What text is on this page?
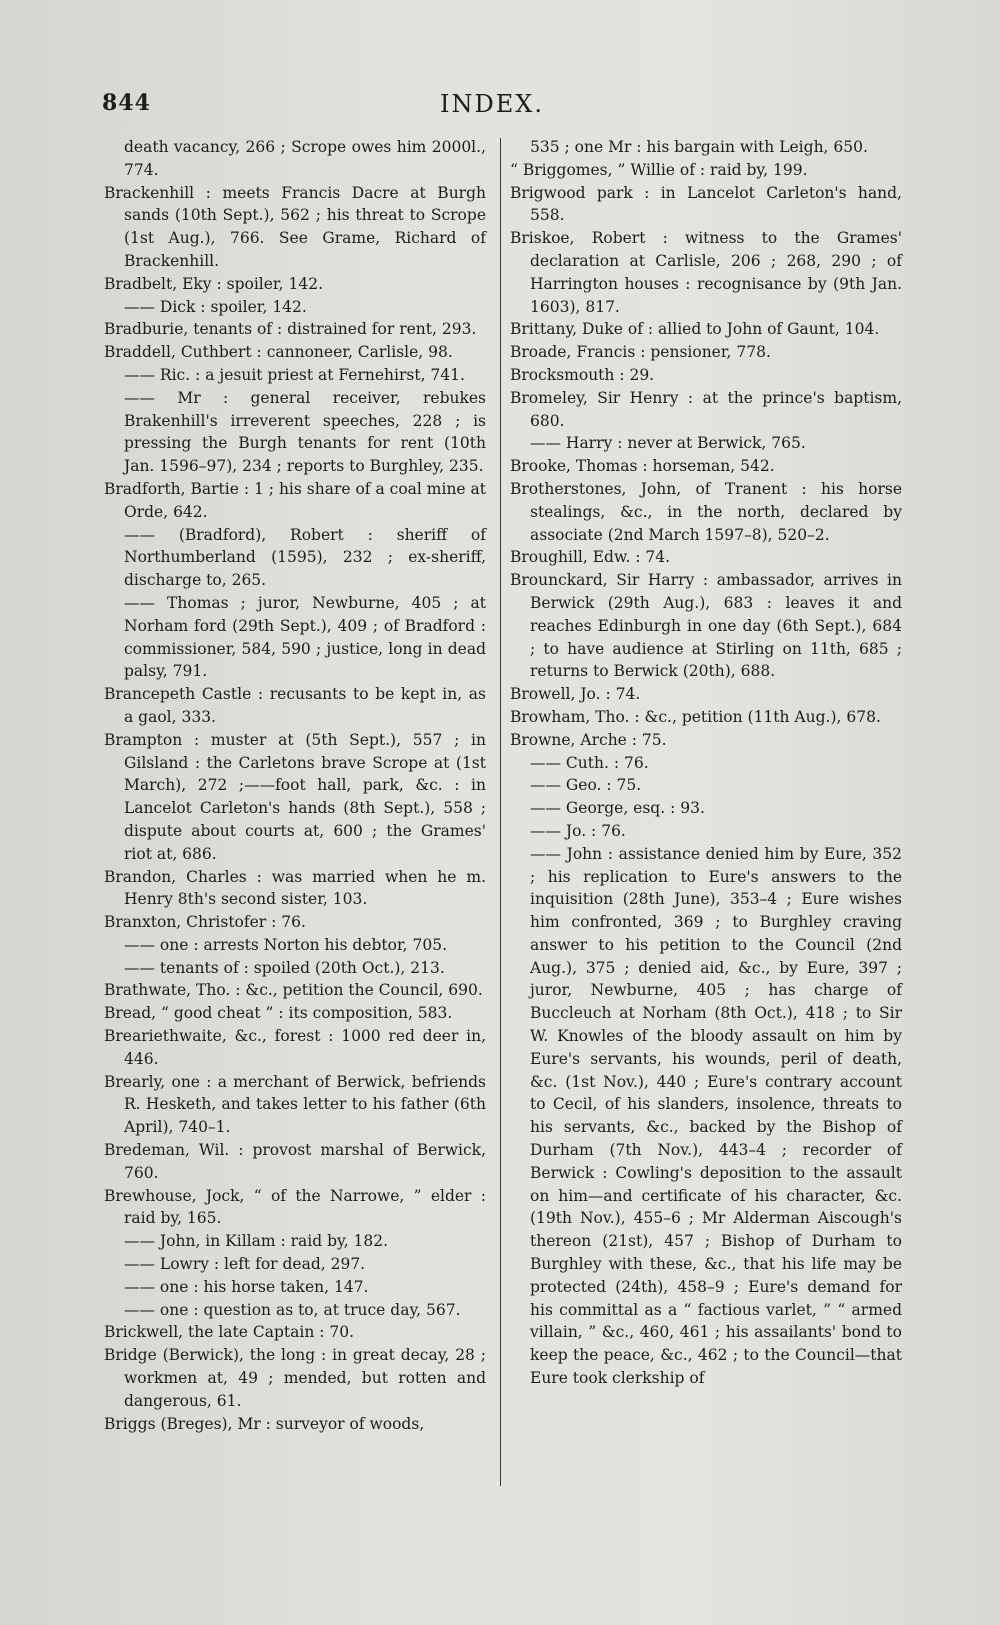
844	INDEX.

death vacancy, 266 ; Scrope owes him 2000l., 774.

Brackenhill : meets Francis Dacre at Burgh sands (10th Sept.), 562 ; his threat to Scrope (1st Aug.), 766. See Grame, Richard of Brackenhill.

Bradbelt, Eky : spoiler, 142.

—— Dick : spoiler, 142.

Bradburie, tenants of : distrained for rent, 293.

Braddell, Cuthbert : cannoneer, Carlisle, 98.

—— Ric. : a jesuit priest at Fernehirst, 741.

—— Mr : general receiver, rebukes Brakenhill's irreverent speeches, 228 ; is pressing the Burgh tenants for rent (10th Jan. 1596–97), 234 ; reports to Burghley, 235.

Bradforth, Bartie : 1 ; his share of a coal mine at Orde, 642.

—— (Bradford), Robert : sheriff of Northumberland (1595), 232 ; ex-sheriff, discharge to, 265.

—— Thomas ; juror, Newburne, 405 ; at Norham ford (29th Sept.), 409 ; of Bradford : commissioner, 584, 590 ; justice, long in dead palsy, 791.

Brancepeth Castle : recusants to be kept in, as a gaol, 333.

Brampton : muster at (5th Sept.), 557 ; in Gilsland : the Carletons brave Scrope at (1st March), 272 ;——foot hall, park, &c. : in Lancelot Carleton's hands (8th Sept.), 558 ; dispute about courts at, 600 ; the Grames' riot at, 686.

Brandon, Charles : was married when he m. Henry 8th's second sister, 103.

Branxton, Christofer : 76.

—— one : arrests Norton his debtor, 705.

—— tenants of : spoiled (20th Oct.), 213.

Brathwate, Tho. : &c., petition the Council, 690.

Bread, “ good cheat ” : its composition, 583.

Breariethwaite, &c., forest : 1000 red deer in, 446.

Brearly, one : a merchant of Berwick, befriends R. Hesketh, and takes letter to his father (6th April), 740–1.

Bredeman, Wil. : provost marshal of Berwick, 760.

Brewhouse, Jock, “ of the Narrowe, ” elder : raid by, 165.

—— John, in Killam : raid by, 182.

—— Lowry : left for dead, 297.

—— one : his horse taken, 147.

—— one : question as to, at truce day, 567.

Brickwell, the late Captain : 70.

Bridge (Berwick), the long : in great decay, 28 ; workmen at, 49 ; mended, but rotten and dangerous, 61.

Briggs (Breges), Mr : surveyor of woods,

535 ; one Mr : his bargain with Leigh, 650.

“ Briggomes, ” Willie of : raid by, 199.

Brigwood park : in Lancelot Carleton's hand, 558.

Briskoe, Robert : witness to the Grames' declaration at Carlisle, 206 ; 268, 290 ; of Harrington houses : recognisance by (9th Jan. 1603), 817.

Brittany, Duke of : allied to John of Gaunt, 104.

Broade, Francis : pensioner, 778.

Brocksmouth : 29.

Bromeley, Sir Henry : at the prince's baptism, 680.

—— Harry : never at Berwick, 765.

Brooke, Thomas : horseman, 542.

Brotherstones, John, of Tranent : his horse stealings, &c., in the north, declared by associate (2nd March 1597–8), 520–2.

Broughill, Edw. : 74.

Brounckard, Sir Harry : ambassador, arrives in Berwick (29th Aug.), 683 : leaves it and reaches Edinburgh in one day (6th Sept.), 684 ; to have audience at Stirling on 11th, 685 ; returns to Berwick (20th), 688.

Browell, Jo. : 74.

Browham, Tho. : &c., petition (11th Aug.), 678.

Browne, Arche : 75.

—— Cuth. : 76.

—— Geo. : 75.

—— George, esq. : 93.

—— Jo. : 76.

—— John : assistance denied him by Eure, 352 ; his replication to Eure's answers to the inquisition (28th June), 353–4 ; Eure wishes him confronted, 369 ; to Burghley craving answer to his petition to the Council (2nd Aug.), 375 ; denied aid, &c., by Eure, 397 ; juror, Newburne, 405 ; has charge of Buccleuch at Norham (8th Oct.), 418 ; to Sir W. Knowles of the bloody assault on him by Eure's servants, his wounds, peril of death, &c. (1st Nov.), 440 ; Eure's contrary account to Cecil, of his slanders, insolence, threats to his servants, &c., backed by the Bishop of Durham (7th Nov.), 443–4 ; recorder of Berwick : Cowling's deposition to the assault on him—and certificate of his character, &c. (19th Nov.), 455–6 ; Mr Alderman Aiscough's thereon (21st), 457 ; Bishop of Durham to Burghley with these, &c., that his life may be protected (24th), 458–9 ; Eure's demand for his committal as a “ factious varlet, ” “ armed villain, ” &c., 460, 461 ; his assailants' bond to keep the peace, &c., 462 ; to the Council—that Eure took clerkship of
